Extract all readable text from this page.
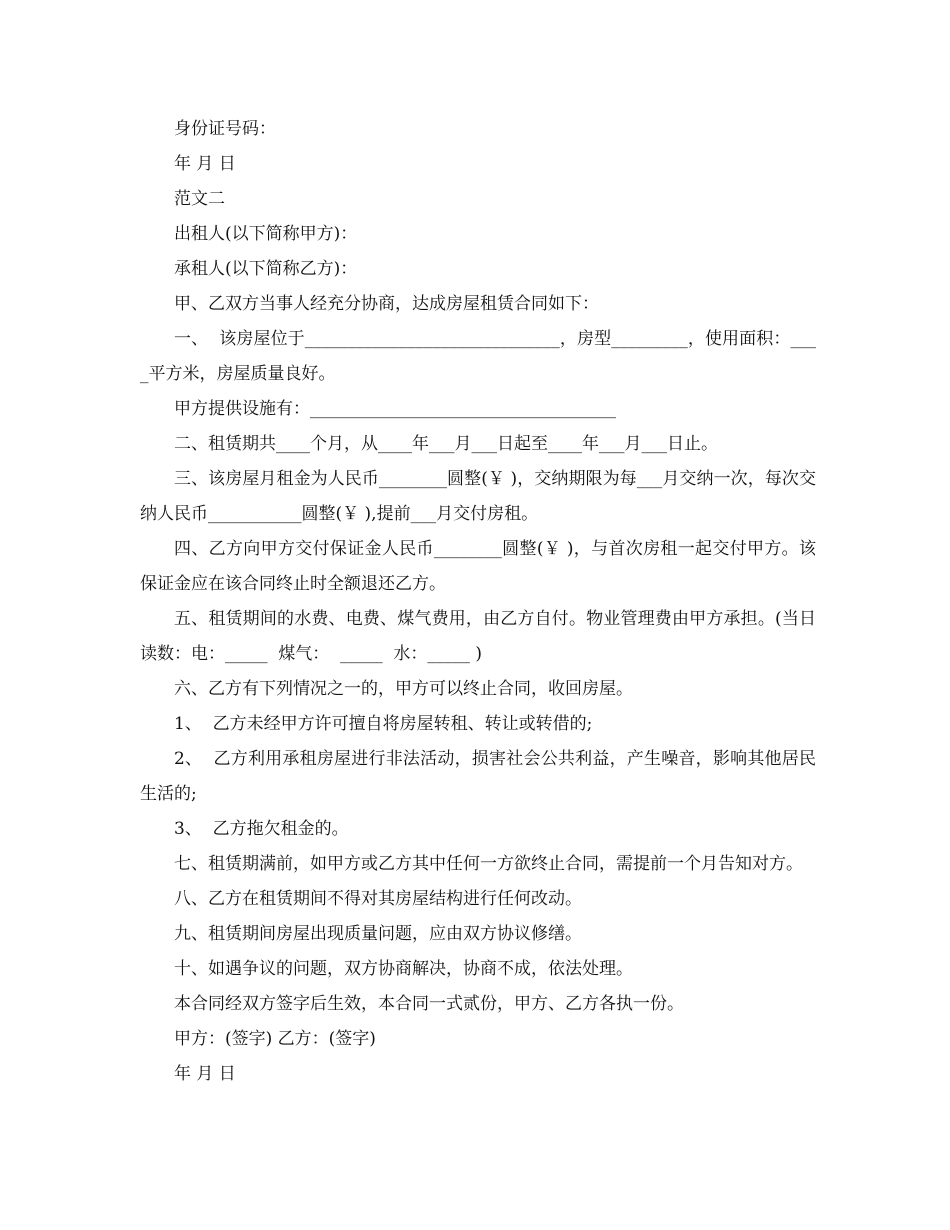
身份证号码：

年 月 日

范文二

出租人(以下简称甲方)：

承租人(以下简称乙方)：

甲、乙双方当事人经充分协商，达成房屋租赁合同如下：

一、  该房屋位于______________________________，房型_________，使用面积：____平方米，房屋质量良好。

甲方提供设施有：____________________________________

二、租赁期共____个月，从____年___月___日起至____年___月___日止。

三、该房屋月租金为人民币________圆整(￥ )，交纳期限为每___月交纳一次，每次交纳人民币___________圆整(￥ ),提前___月交付房租。

四、乙方向甲方交付保证金人民币________圆整(￥ )，与首次房租一起交付甲方。该保证金应在该合同终止时全额退还乙方。

五、租赁期间的水费、电费、煤气费用，由乙方自付。物业管理费由甲方承担。(当日读数：电：_____  煤气：  _____  水：_____ )

六、乙方有下列情况之一的，甲方可以终止合同，收回房屋。

1、  乙方未经甲方许可擅自将房屋转租、转让或转借的;

2、  乙方利用承租房屋进行非法活动，损害社会公共利益，产生噪音，影响其他居民生活的;

3、  乙方拖欠租金的。

七、租赁期满前，如甲方或乙方其中任何一方欲终止合同，需提前一个月告知对方。

八、乙方在租赁期间不得对其房屋结构进行任何改动。

九、租赁期间房屋出现质量问题，应由双方协议修缮。

十、如遇争议的问题，双方协商解决，协商不成，依法处理。

本合同经双方签字后生效，本合同一式贰份，甲方、乙方各执一份。

甲方：(签字) 乙方：(签字)

年 月 日
